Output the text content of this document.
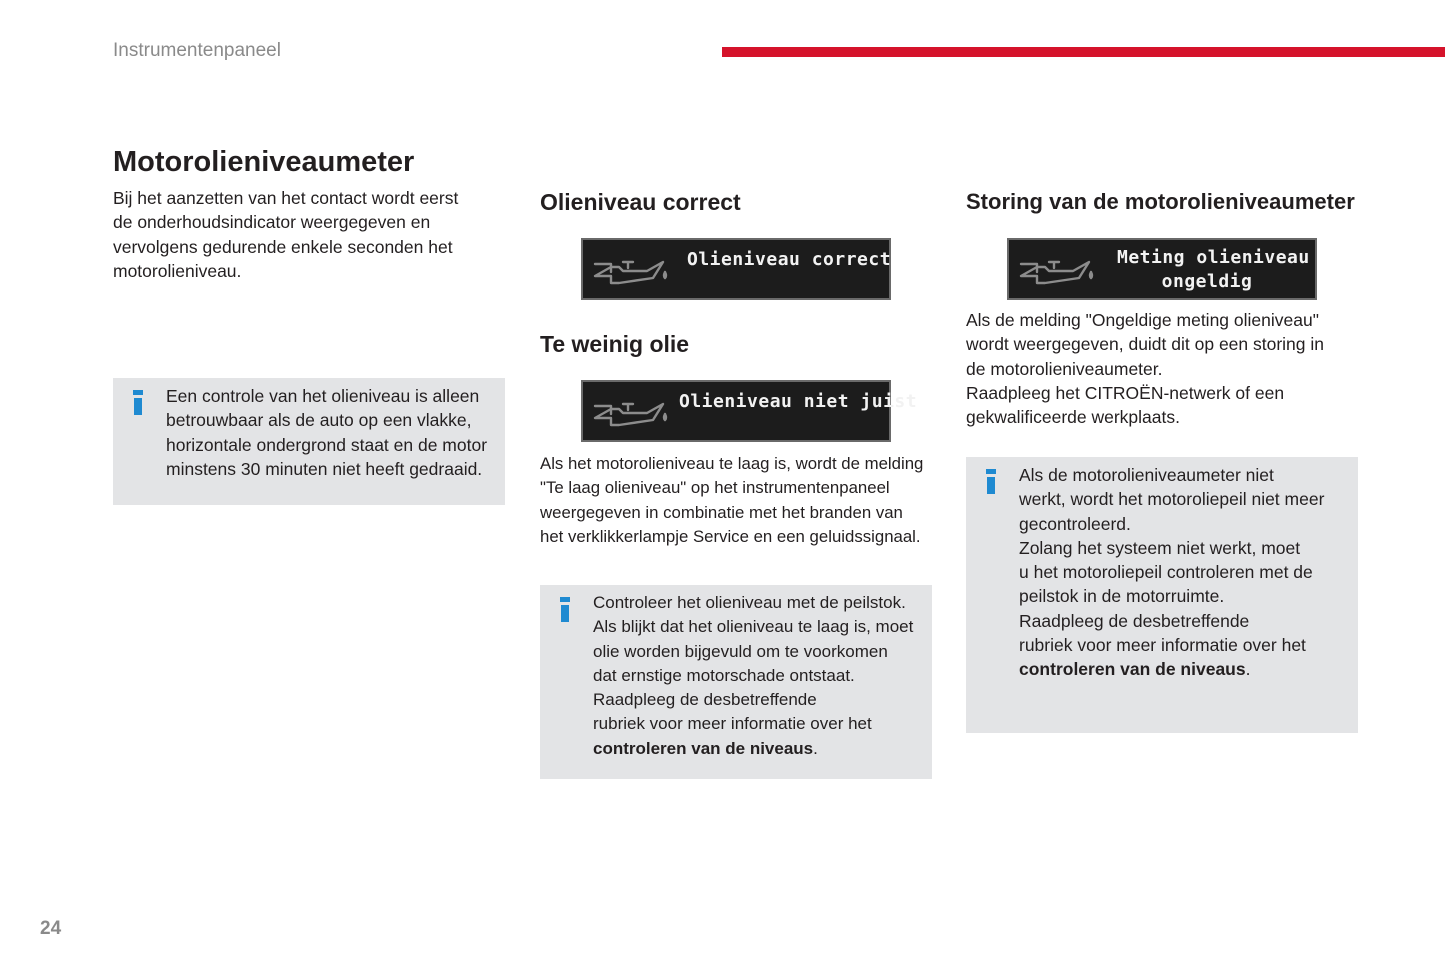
Instrumentenpaneel
Motorolieniveaumeter

Bij het aanzetten van het contact wordt eerst

de onderhoudsindicator weergegeven en

vervolgens gedurende enkele seconden het

motorolieniveau.

Een controle van het olieniveau is alleen

betrouwbaar als de auto op een vlakke,

horizontale ondergrond staat en de motor

minstens 30 minuten niet heeft gedraaid.

Olieniveau correct
Olieniveau correct
Te weinig olie
Olieniveau niet juist

Als het motorolieniveau te laag is, wordt de melding

"Te laag olieniveau" op het instrumentenpaneel

weergegeven in combinatie met het branden van

het verklikkerlampje Service en een geluidssignaal.

Controleer het olieniveau met de peilstok.

Als blijkt dat het olieniveau te laag is, moet

olie worden bijgevuld om te voorkomen

dat ernstige motorschade ontstaat.

Raadpleeg de desbetreffende

rubriek voor meer informatie over het

controleren van de niveaus.

Storing van de motorolieniveaumeter
Meting olieniveau
ongeldig

Als de melding "Ongeldige meting olieniveau"

wordt weergegeven, duidt dit op een storing in

de motorolieniveaumeter.

Raadpleeg het CITROËN-netwerk of een

gekwalificeerde werkplaats.

Als de motorolieniveaumeter niet

werkt, wordt het motoroliepeil niet meer

gecontroleerd.

Zolang het systeem niet werkt, moet

u het motoroliepeil controleren met de

peilstok in de motorruimte.

Raadpleeg de desbetreffende

rubriek voor meer informatie over het

controleren van de niveaus.

24
